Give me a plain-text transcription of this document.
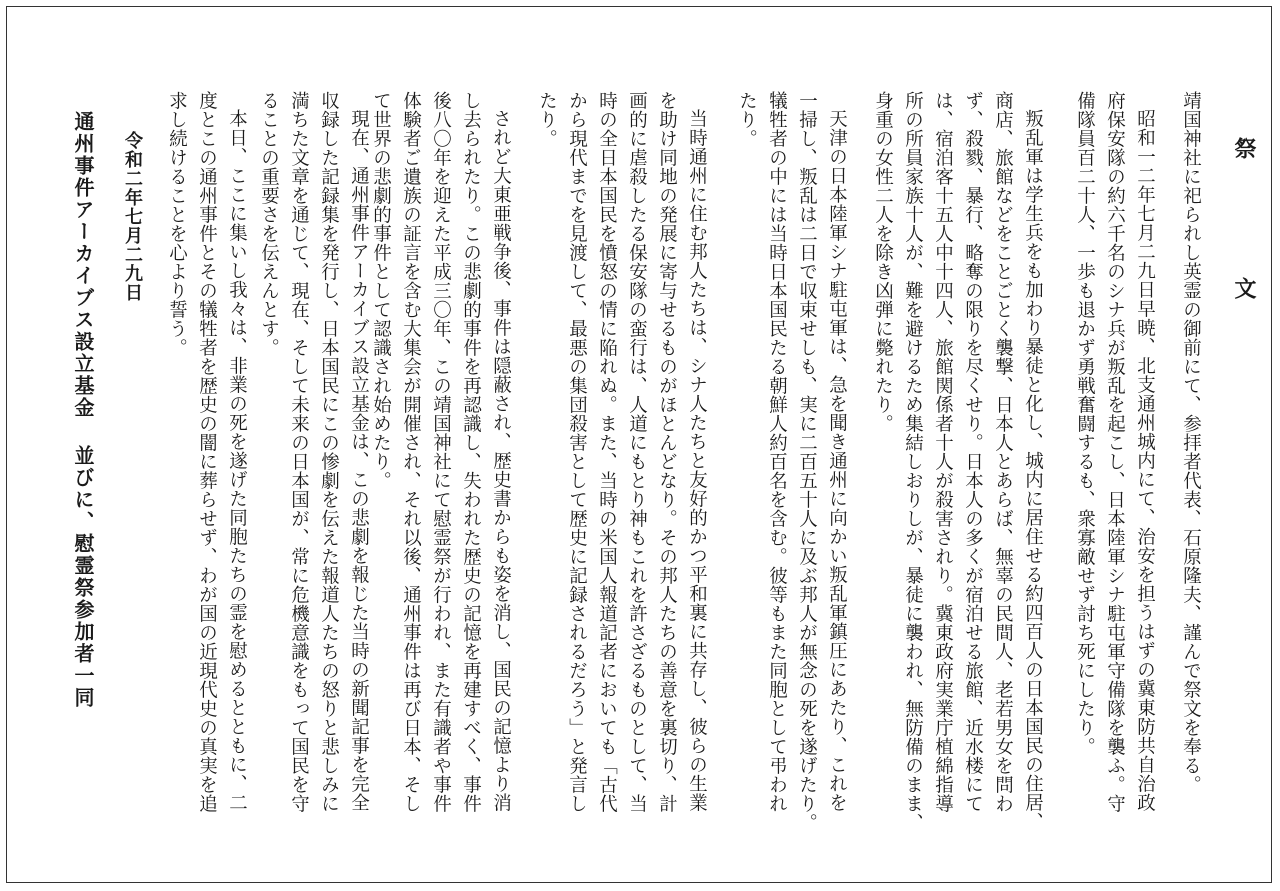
祭　文
靖国神社に祀られし英霊の御前にて、参拝者代表、石原隆夫、謹んで祭文を奉る。
昭和一二年七月二九日早暁、北支通州城内にて、治安を担うはずの冀東防共自治政
府保安隊の約六千名のシナ兵が叛乱を起こし、日本陸軍シナ駐屯軍守備隊を襲ふ。守
備隊員百二十人、一歩も退かず勇戦奮闘するも、衆寡敵せず討ち死にしたり。
叛乱軍は学生兵をも加わり暴徒と化し、城内に居住せる約四百人の日本国民の住居、
商店、旅館などをことごとく襲撃、日本人とあらば、無辜の民間人、老若男女を問わ
ず、殺戮、暴行、略奪の限りを尽くせり。日本人の多くが宿泊せる旅館、近水楼にて
は、宿泊客十五人中十四人、旅館関係者十人が殺害されり。冀東政府実業庁植綿指導
所の所員家族十人が、難を避けるため集結しおりしが、暴徒に襲われ、無防備のまま、
身重の女性二人を除き凶弾に斃れたり。
天津の日本陸軍シナ駐屯軍は、急を聞き通州に向かい叛乱軍鎮圧にあたり、これを
一掃し、叛乱は二日で収束せしも、実に二百五十人に及ぶ邦人が無念の死を遂げたり。
犠牲者の中には当時日本国民たる朝鮮人約百名を含む。彼等もまた同胞として弔われ
たり。
当時通州に住む邦人たちは、シナ人たちと友好的かつ平和裏に共存し、彼らの生業
を助け同地の発展に寄与せるものがほとんどなり。その邦人たちの善意を裏切り、計
画的に虐殺したる保安隊の蛮行は、人道にもとり神もこれを許さざるものとして、当
時の全日本国民を憤怒の情に陥れぬ。また、当時の米国人報道記者においても「古代
から現代までを見渡して、最悪の集団殺害として歴史に記録されるだろう」と発言し
たり。
されど大東亜戦争後、事件は隠蔽され、歴史書からも姿を消し、国民の記憶より消
し去られたり。この悲劇的事件を再認識し、失われた歴史の記憶を再建すべく、事件
後八〇年を迎えた平成三〇年、この靖国神社にて慰霊祭が行われ、また有識者や事件
体験者ご遺族の証言を含む大集会が開催され、それ以後、通州事件は再び日本、そし
て世界の悲劇的事件として認識され始めたり。
現在、通州事件アーカイブス設立基金は、この悲劇を報じた当時の新聞記事を完全
収録した記録集を発行し、日本国民にこの惨劇を伝えた報道人たちの怒りと悲しみに
満ちた文章を通じて、現在、そして未来の日本国が、常に危機意識をもって国民を守
ることの重要さを伝えんとす。
本日、ここに集いし我々は、非業の死を遂げた同胞たちの霊を慰めるとともに、二
度とこの通州事件とその犠牲者を歴史の闇に葬らせず、わが国の近現代史の真実を追
求し続けることを心より誓う。
令和二年七月二九日
通州事件アーカイブス設立基金 並びに、慰霊祭参加者一同
